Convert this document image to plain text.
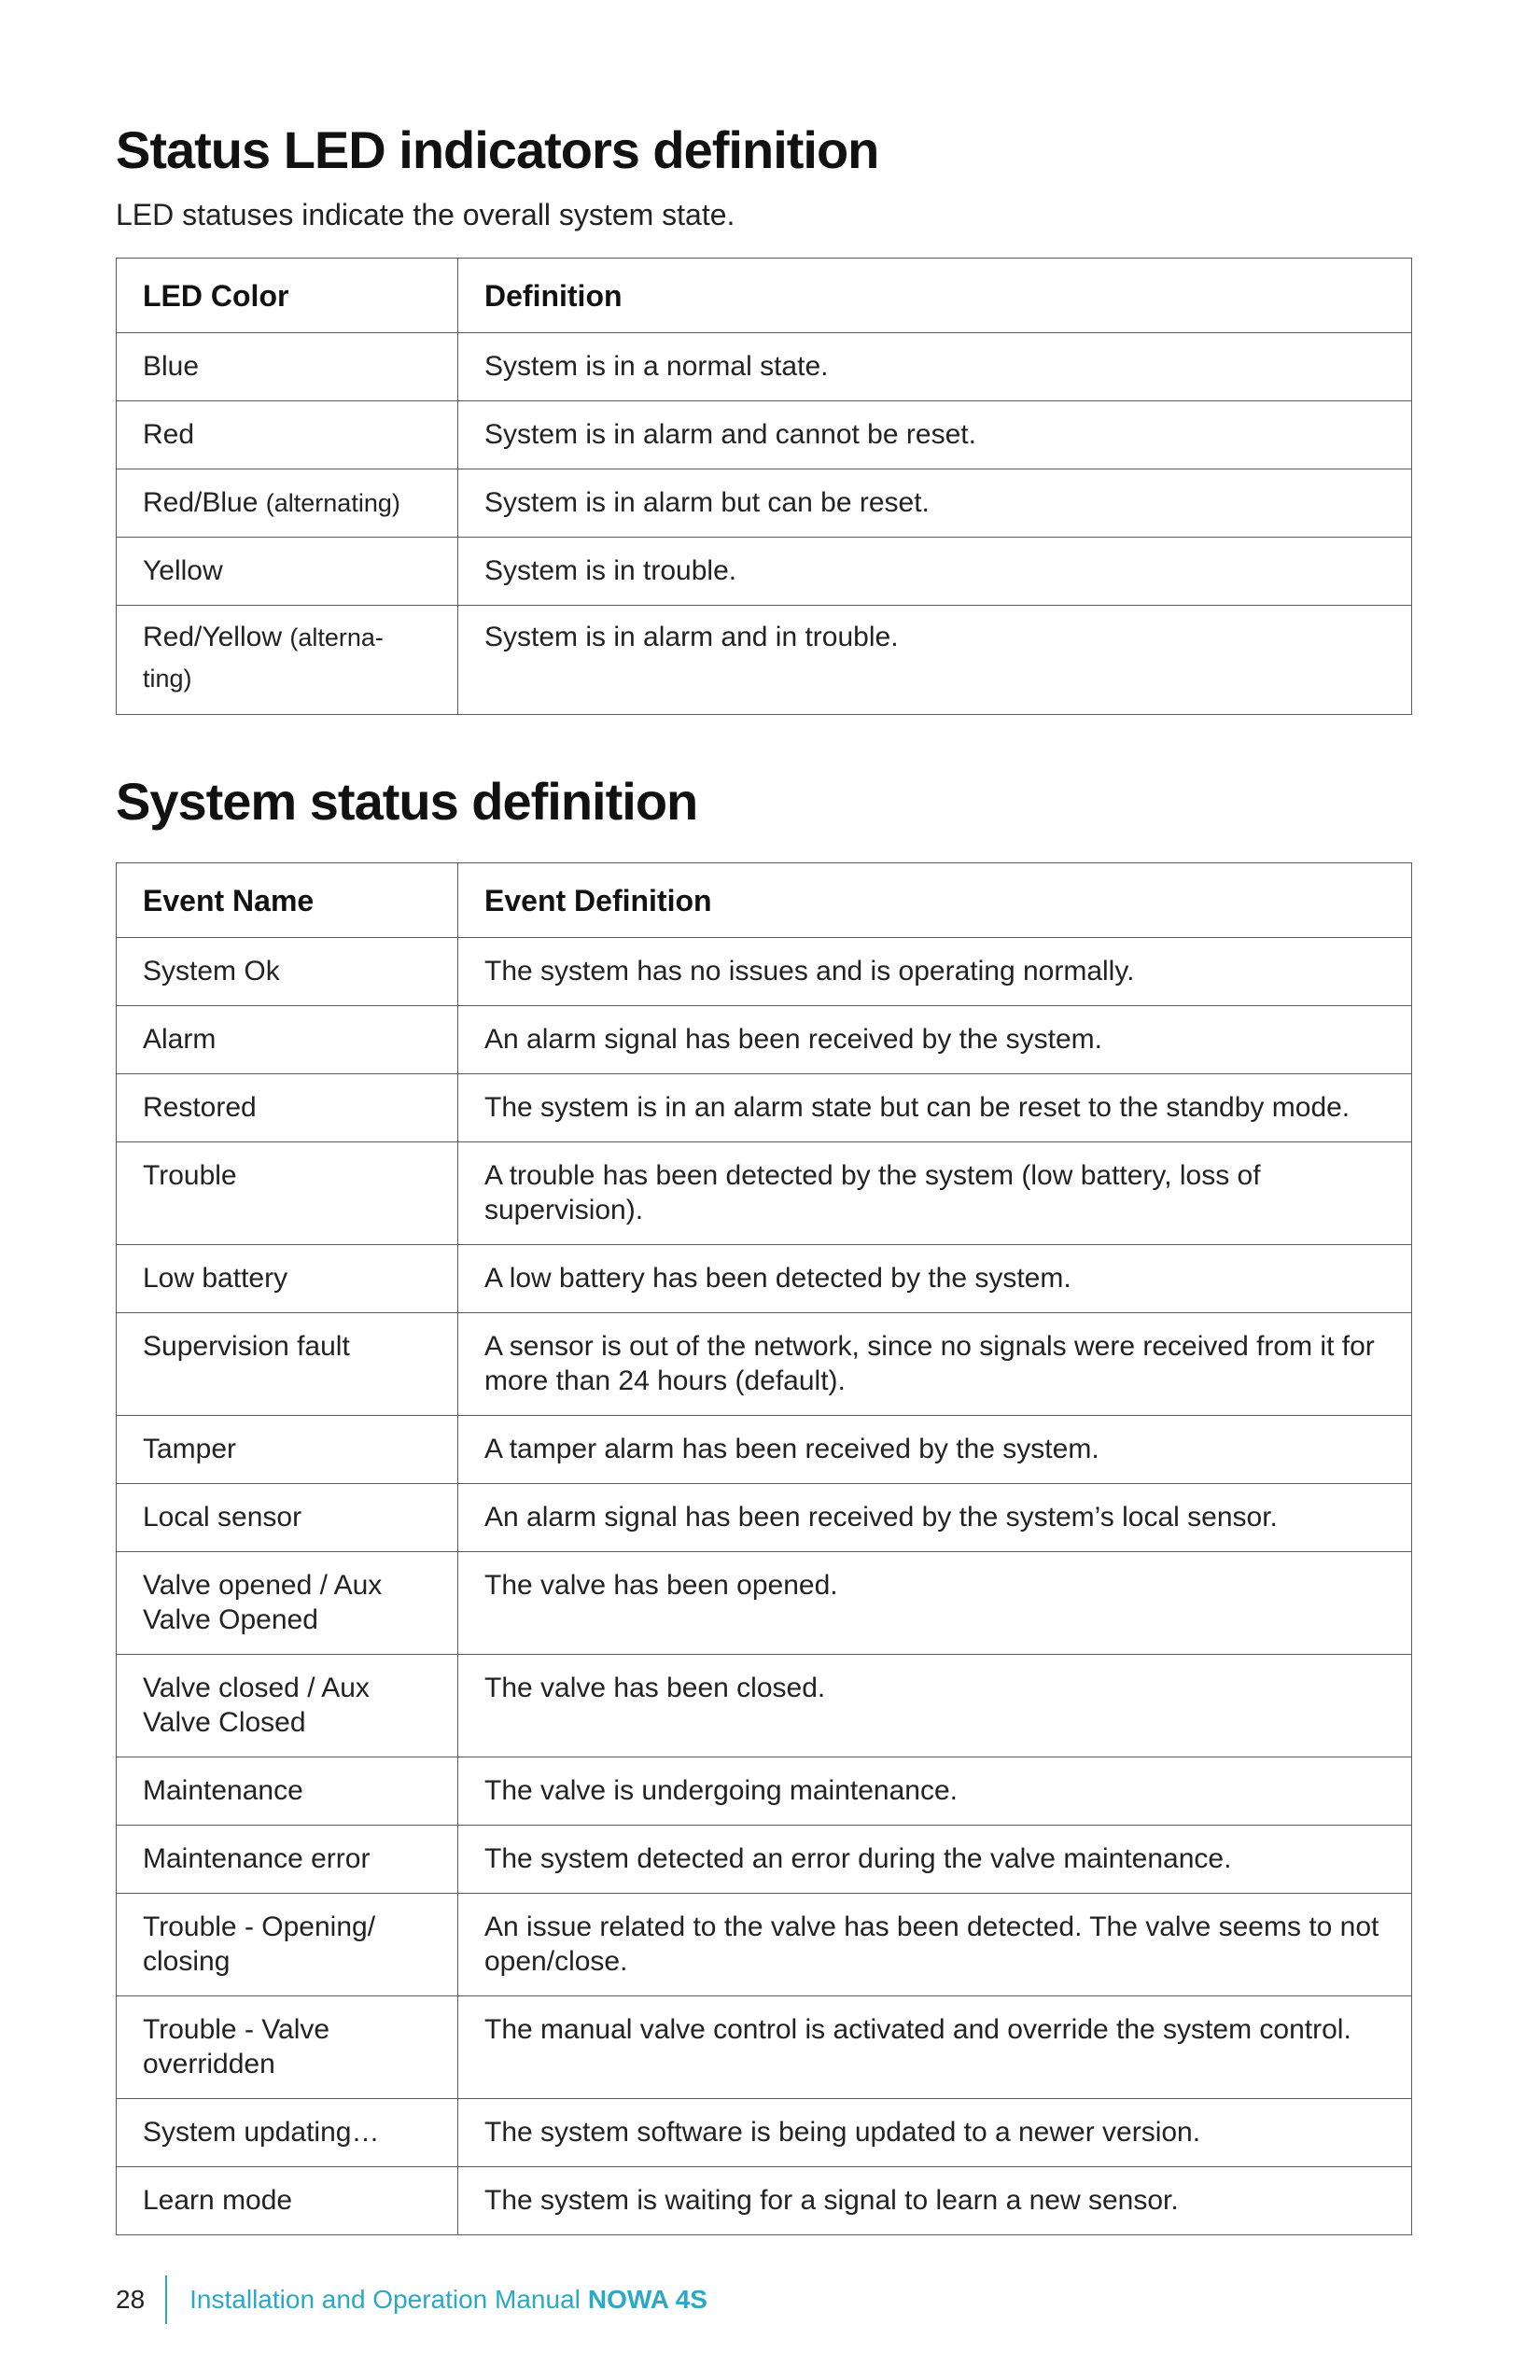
Status LED indicators definition

LED statuses indicate the overall system state.

LED Color	Definition
Blue	System is in a normal state.
Red	System is in alarm and cannot be reset.
Red/Blue (alternating)	System is in alarm but can be reset.
Yellow	System is in trouble.
Red/Yellow (alterna-ting)	System is in alarm and in trouble.
System status definition
Event Name	Event Definition
System Ok	The system has no issues and is operating normally.
Alarm	An alarm signal has been received by the system.
Restored	The system is in an alarm state but can be reset to the standby mode.
Trouble	A trouble has been detected by the system (low battery, loss of supervision).
Low battery	A low battery has been detected by the system.
Supervision fault	A sensor is out of the network, since no signals were received from it for more than 24 hours (default).
Tamper	A tamper alarm has been received by the system.
Local sensor	An alarm signal has been received by the system’s local sensor.
Valve opened / Aux Valve Opened	The valve has been opened.
Valve closed / Aux Valve Closed	The valve has been closed.
Maintenance	The valve is undergoing maintenance.
Maintenance error	The system detected an error during the valve maintenance.
Trouble - Opening/ closing	An issue related to the valve has been detected. The valve seems to not open/close.
Trouble - Valve overridden	The manual valve control is activated and override the system control.
System updating…	The system software is being updated to a newer version.
Learn mode	The system is waiting for a signal to learn a new sensor.
28 Installation and Operation Manual NOWA 4S
